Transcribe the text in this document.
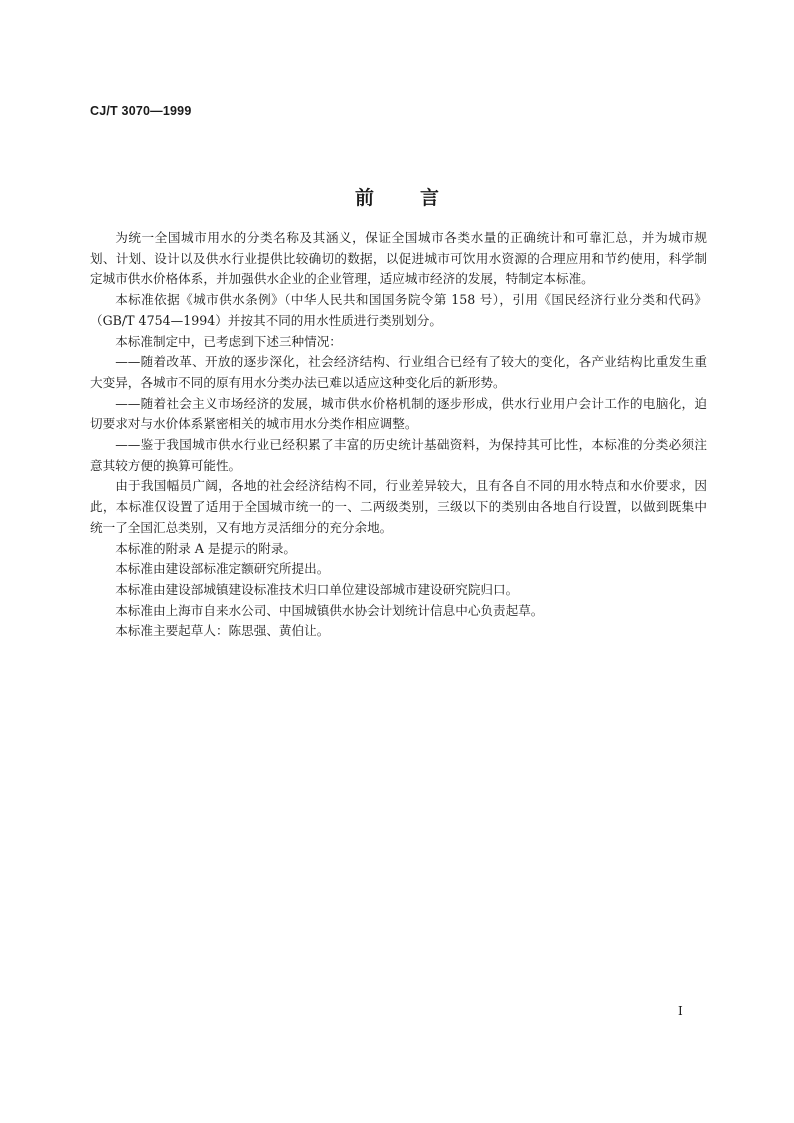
CJ/T 3070—1999
前言

为统一全国城市用水的分类名称及其涵义，保证全国城市各类水量的正确统计和可靠汇总，并为城市规划、计划、设计以及供水行业提供比较确切的数据，以促进城市可饮用水资源的合理应用和节约使用，科学制定城市供水价格体系，并加强供水企业的企业管理，适应城市经济的发展，特制定本标准。

本标准依据《城市供水条例》（中华人民共和国国务院令第 158 号），引用《国民经济行业分类和代码》（GB/T 4754—1994）并按其不同的用水性质进行类别划分。

本标准制定中，已考虑到下述三种情况：

——随着改革、开放的逐步深化，社会经济结构、行业组合已经有了较大的变化，各产业结构比重发生重大变异，各城市不同的原有用水分类办法已难以适应这种变化后的新形势。

——随着社会主义市场经济的发展，城市供水价格机制的逐步形成，供水行业用户会计工作的电脑化，迫切要求对与水价体系紧密相关的城市用水分类作相应调整。

——鉴于我国城市供水行业已经积累了丰富的历史统计基础资料，为保持其可比性，本标准的分类必须注意其较方便的换算可能性。

由于我国幅员广阔，各地的社会经济结构不同，行业差异较大，且有各自不同的用水特点和水价要求，因此，本标准仅设置了适用于全国城市统一的一、二两级类别，三级以下的类别由各地自行设置，以做到既集中统一了全国汇总类别，又有地方灵活细分的充分余地。

本标准的附录 A 是提示的附录。

本标准由建设部标准定额研究所提出。

本标准由建设部城镇建设标准技术归口单位建设部城市建设研究院归口。

本标准由上海市自来水公司、中国城镇供水协会计划统计信息中心负责起草。

本标准主要起草人：陈思强、黄伯让。

I
